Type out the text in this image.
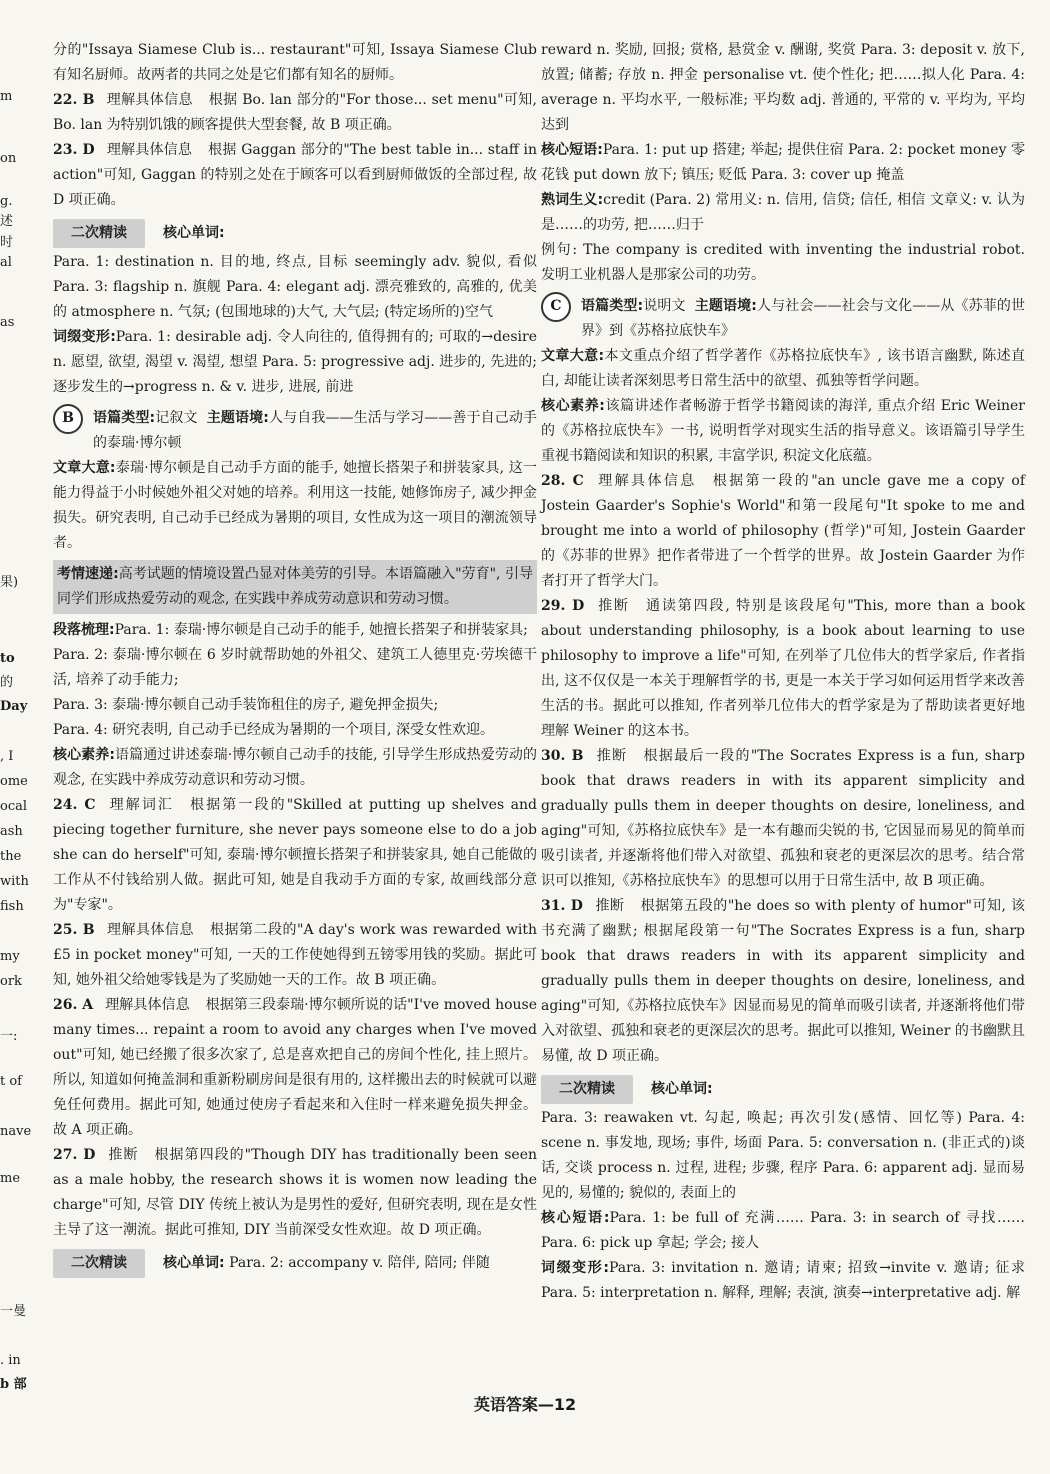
m
on
g.
述
时
al
as
果)
to
的
Day
, I
ome
ocal
ash
the
with
fish
my
ork
一:
t of
nave
me
一曼
. in
b 部

分的"Issaya Siamese Club is... restaurant"可知, Issaya Siamese Club 有知名厨师。故两者的共同之处是它们都有知名的厨师。

22. B 理解具体信息 根据 Bo. lan 部分的"For those... set menu"可知, Bo. lan 为特别饥饿的顾客提供大型套餐, 故 B 项正确。

23. D 理解具体信息 根据 Gaggan 部分的"The best table in... staff in action"可知, Gaggan 的特别之处在于顾客可以看到厨师做饭的全部过程, 故 D 项正确。

二次精读	核心单词:

Para. 1: destination n. 目的地, 终点, 目标 seemingly adv. 貌似, 看似 Para. 3: flagship n. 旗舰 Para. 4: elegant adj. 漂亮雅致的, 高雅的, 优美的 atmosphere n. 气氛; (包围地球的)大气, 大气层; (特定场所的)空气

词缀变形:Para. 1: desirable adj. 令人向往的, 值得拥有的; 可取的→desire n. 愿望, 欲望, 渴望 v. 渴望, 想望 Para. 5: progressive adj. 进步的, 先进的; 逐步发生的→progress n. & v. 进步, 进展, 前进

B	语篇类型:记叙文 主题语境:人与自我——生活与学习——善于自己动手的泰瑞·博尔顿

文章大意:泰瑞·博尔顿是自己动手方面的能手, 她擅长搭架子和拼装家具, 这一能力得益于小时候她外祖父对她的培养。利用这一技能, 她修饰房子, 减少押金损失。研究表明, 自己动手已经成为暑期的项目, 女性成为这一项目的潮流领导者。

考情速递:高考试题的情境设置凸显对体美劳的引导。本语篇融入"劳育", 引导同学们形成热爱劳动的观念, 在实践中养成劳动意识和劳动习惯。

段落梳理:Para. 1: 泰瑞·博尔顿是自己动手的能手, 她擅长搭架子和拼装家具;

Para. 2: 泰瑞·博尔顿在 6 岁时就帮助她的外祖父、建筑工人德里克·劳埃德干活, 培养了动手能力;

Para. 3: 泰瑞·博尔顿自己动手装饰租住的房子, 避免押金损失;

Para. 4: 研究表明, 自己动手已经成为暑期的一个项目, 深受女性欢迎。

核心素养:语篇通过讲述泰瑞·博尔顿自己动手的技能, 引导学生形成热爱劳动的观念, 在实践中养成劳动意识和劳动习惯。

24. C 理解词汇 根据第一段的"Skilled at putting up shelves and piecing together furniture, she never pays someone else to do a job she can do herself"可知, 泰瑞·博尔顿擅长搭架子和拼装家具, 她自己能做的工作从不付钱给别人做。据此可知, 她是自我动手方面的专家, 故画线部分意为"专家"。

25. B 理解具体信息 根据第二段的"A day's work was rewarded with £5 in pocket money"可知, 一天的工作使她得到五镑零用钱的奖励。据此可知, 她外祖父给她零钱是为了奖励她一天的工作。故 B 项正确。

26. A 理解具体信息 根据第三段泰瑞·博尔顿所说的话"I've moved house many times... repaint a room to avoid any charges when I've moved out"可知, 她已经搬了很多次家了, 总是喜欢把自己的房间个性化, 挂上照片。所以, 知道如何掩盖洞和重新粉刷房间是很有用的, 这样搬出去的时候就可以避免任何费用。据此可知, 她通过使房子看起来和入住时一样来避免损失押金。故 A 项正确。

27. D 推断 根据第四段的"Though DIY has traditionally been seen as a male hobby, the research shows it is women now leading the charge"可知, 尽管 DIY 传统上被认为是男性的爱好, 但研究表明, 现在是女性主导了这一潮流。据此可推知, DIY 当前深受女性欢迎。故 D 项正确。

二次精读	核心单词:
Para. 2: accompany v. 陪伴, 陪同; 伴随

reward n. 奖励, 回报; 赏格, 悬赏金 v. 酬谢, 奖赏 Para. 3: deposit v. 放下, 放置; 储蓄; 存放 n. 押金 personalise vt. 使个性化; 把……拟人化 Para. 4: average n. 平均水平, 一般标准; 平均数 adj. 普通的, 平常的 v. 平均为, 平均达到

核心短语:Para. 1: put up 搭建; 举起; 提供住宿 Para. 2: pocket money 零花钱 put down 放下; 镇压; 贬低 Para. 3: cover up 掩盖

熟词生义:credit (Para. 2) 常用义: n. 信用, 信贷; 信任, 相信 文章义: v. 认为是……的功劳, 把……归于

例句: The company is credited with inventing the industrial robot. 发明工业机器人是那家公司的功劳。

C	语篇类型:说明文 主题语境:人与社会——社会与文化——从《苏菲的世界》到《苏格拉底快车》

文章大意:本文重点介绍了哲学著作《苏格拉底快车》, 该书语言幽默, 陈述直白, 却能让读者深刻思考日常生活中的欲望、孤独等哲学问题。

核心素养:该篇讲述作者畅游于哲学书籍阅读的海洋, 重点介绍 Eric Weiner 的《苏格拉底快车》一书, 说明哲学对现实生活的指导意义。该语篇引导学生重视书籍阅读和知识的积累, 丰富学识, 积淀文化底蕴。

28. C 理解具体信息 根据第一段的"an uncle gave me a copy of Jostein Gaarder's Sophie's World"和第一段尾句"It spoke to me and brought me into a world of philosophy (哲学)"可知, Jostein Gaarder 的《苏菲的世界》把作者带进了一个哲学的世界。故 Jostein Gaarder 为作者打开了哲学大门。

29. D 推断 通读第四段, 特别是该段尾句"This, more than a book about understanding philosophy, is a book about learning to use philosophy to improve a life"可知, 在列举了几位伟大的哲学家后, 作者指出, 这不仅仅是一本关于理解哲学的书, 更是一本关于学习如何运用哲学来改善生活的书。据此可以推知, 作者列举几位伟大的哲学家是为了帮助读者更好地理解 Weiner 的这本书。

30. B 推断 根据最后一段的"The Socrates Express is a fun, sharp book that draws readers in with its apparent simplicity and gradually pulls them in deeper thoughts on desire, loneliness, and aging"可知,《苏格拉底快车》是一本有趣而尖锐的书, 它因显而易见的简单而吸引读者, 并逐渐将他们带入对欲望、孤独和衰老的更深层次的思考。结合常识可以推知,《苏格拉底快车》的思想可以用于日常生活中, 故 B 项正确。

31. D 推断 根据第五段的"he does so with plenty of humor"可知, 该书充满了幽默; 根据尾段第一句"The Socrates Express is a fun, sharp book that draws readers in with its apparent simplicity and gradually pulls them in deeper thoughts on desire, loneliness, and aging"可知,《苏格拉底快车》因显而易见的简单而吸引读者, 并逐渐将他们带入对欲望、孤独和衰老的更深层次的思考。据此可以推知, Weiner 的书幽默且易懂, 故 D 项正确。

二次精读	核心单词:

Para. 3: reawaken vt. 勾起, 唤起; 再次引发(感情、回忆等) Para. 4: scene n. 事发地, 现场; 事件, 场面 Para. 5: conversation n. (非正式的)谈话, 交谈 process n. 过程, 进程; 步骤, 程序 Para. 6: apparent adj. 显而易见的, 易懂的; 貌似的, 表面上的

核心短语:Para. 1: be full of 充满…… Para. 3: in search of 寻找…… Para. 6: pick up 拿起; 学会; 接人

词缀变形:Para. 3: invitation n. 邀请; 请柬; 招致→invite v. 邀请; 征求 Para. 5: interpretation n. 解释, 理解; 表演, 演奏→interpretative adj. 解

英语答案—12
